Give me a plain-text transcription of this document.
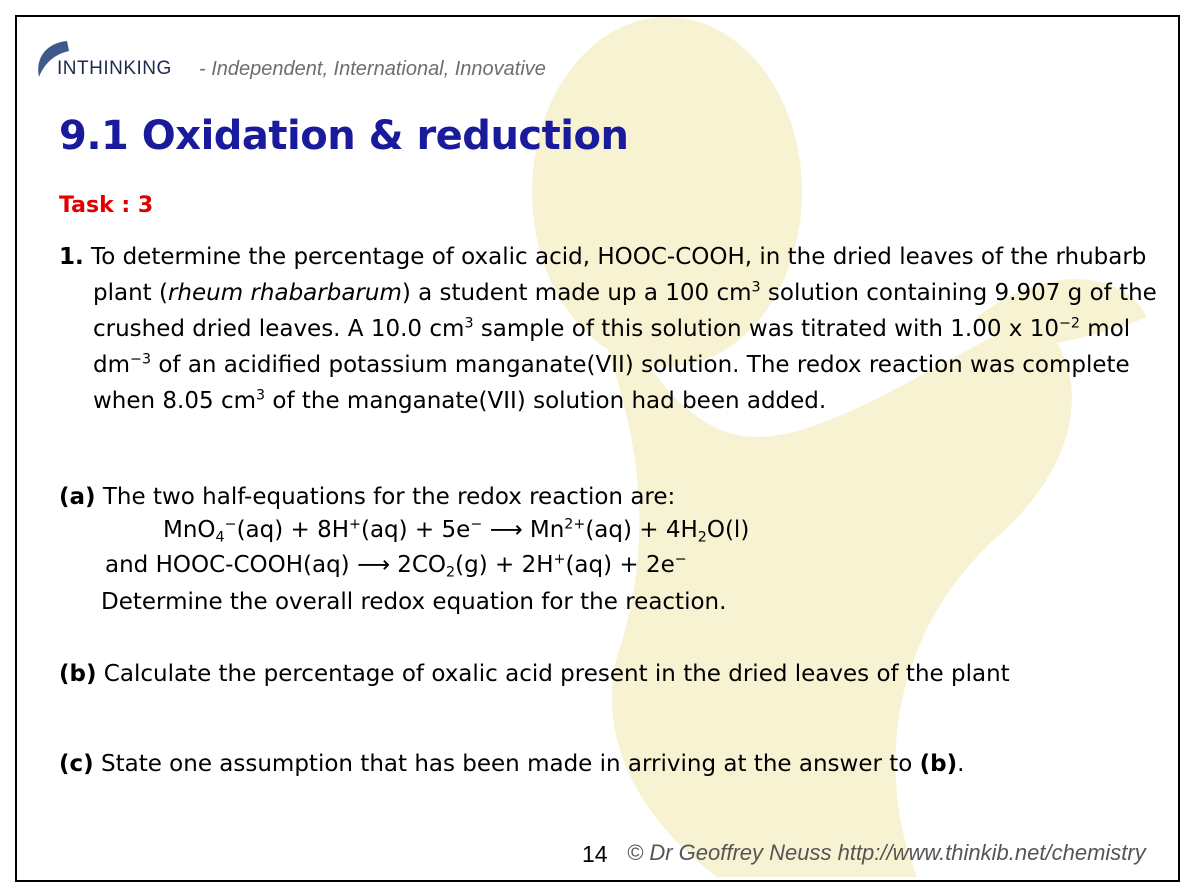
INTHINKING - Independent, International, Innovative
9.1 Oxidation & reduction
Task : 3

1. To determine the percentage of oxalic acid, HOOC-COOH, in the dried leaves of the rhubarb plant (rheum rhabarbarum) a student made up a 100 $cm^3$ solution containing 9.907 g of the crushed dried leaves. A 10.0 $cm^3$ sample of this solution was titrated with 1.00 x $10^{-2}$ mol $dm^{-3}$ of an acidified potassium manganate(VII) solution. The redox reaction was complete when 8.05 $cm^3$ of the manganate(VII) solution had been added.

(a) The two half-equations for the redox reaction are:
MnO$_4$−(aq) + 8H+(aq) + 5e− ⟶ $Mn^{2+}(aq) + 4H_2O(l)$
and HOOC-COOH(aq) ⟶ $2CO_2(g) + 2H^+(aq) + 2e^-$
Determine the overall redox equation for the reaction.
(b) Calculate the percentage of oxalic acid present in the dried leaves of the plant
(c) State one assumption that has been made in arriving at the answer to (b).
14 © Dr Geoffrey Neuss http://www.thinkib.net/chemistry
